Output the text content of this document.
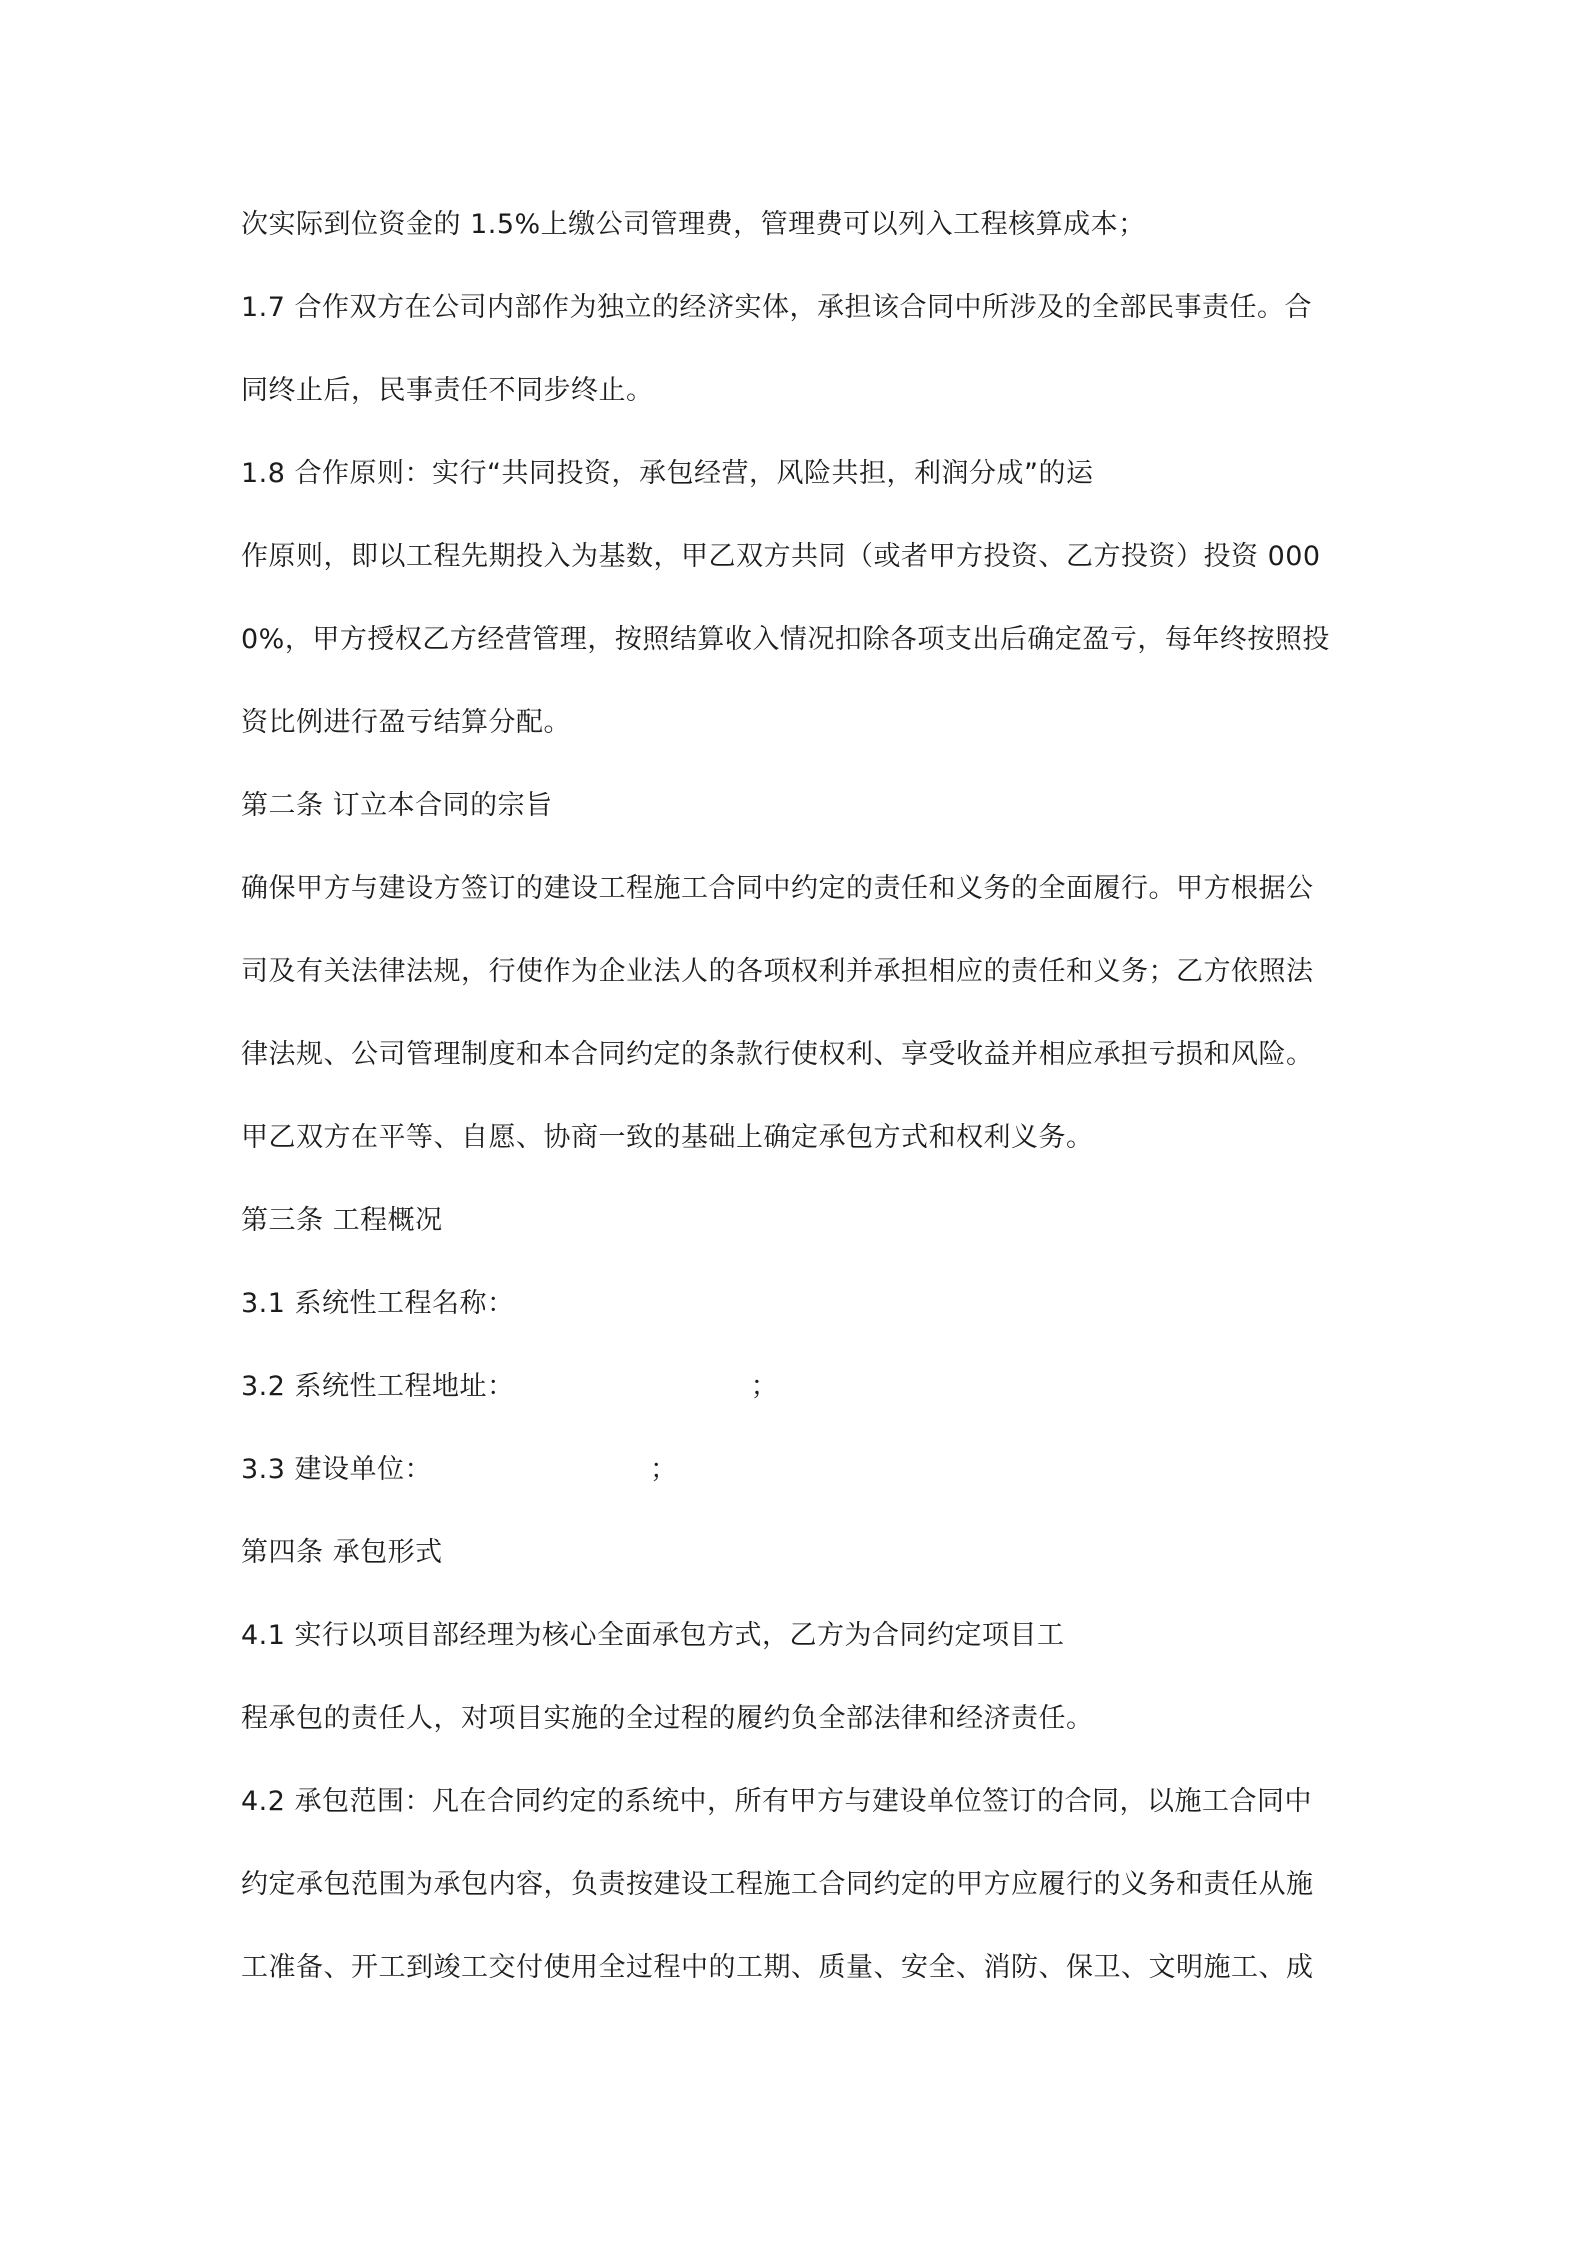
次实际到位资金的 1.5%上缴公司管理费，管理费可以列入工程核算成本；
1.7 合作双方在公司内部作为独立的经济实体，承担该合同中所涉及的全部民事责任。合
同终止后，民事责任不同步终止。
1.8 合作原则：实行“共同投资，承包经营，风险共担，利润分成”的运
作原则，即以工程先期投入为基数，甲乙双方共同（或者甲方投资、乙方投资）投资 000
0%，甲方授权乙方经营管理，按照结算收入情况扣除各项支出后确定盈亏，每年终按照投
资比例进行盈亏结算分配。
第二条 订立本合同的宗旨
确保甲方与建设方签订的建设工程施工合同中约定的责任和义务的全面履行。甲方根据公
司及有关法律法规，行使作为企业法人的各项权利并承担相应的责任和义务；乙方依照法
律法规、公司管理制度和本合同约定的条款行使权利、享受收益并相应承担亏损和风险。
甲乙双方在平等、自愿、协商一致的基础上确定承包方式和权利义务。
第三条 工程概况
3.1 系统性工程名称：
3.2 系统性工程地址：                          ；
3.3 建设单位：                        ；
第四条 承包形式
4.1 实行以项目部经理为核心全面承包方式，乙方为合同约定项目工
程承包的责任人，对项目实施的全过程的履约负全部法律和经济责任。
4.2 承包范围：凡在合同约定的系统中，所有甲方与建设单位签订的合同，以施工合同中
约定承包范围为承包内容，负责按建设工程施工合同约定的甲方应履行的义务和责任从施
工准备、开工到竣工交付使用全过程中的工期、质量、安全、消防、保卫、文明施工、成
